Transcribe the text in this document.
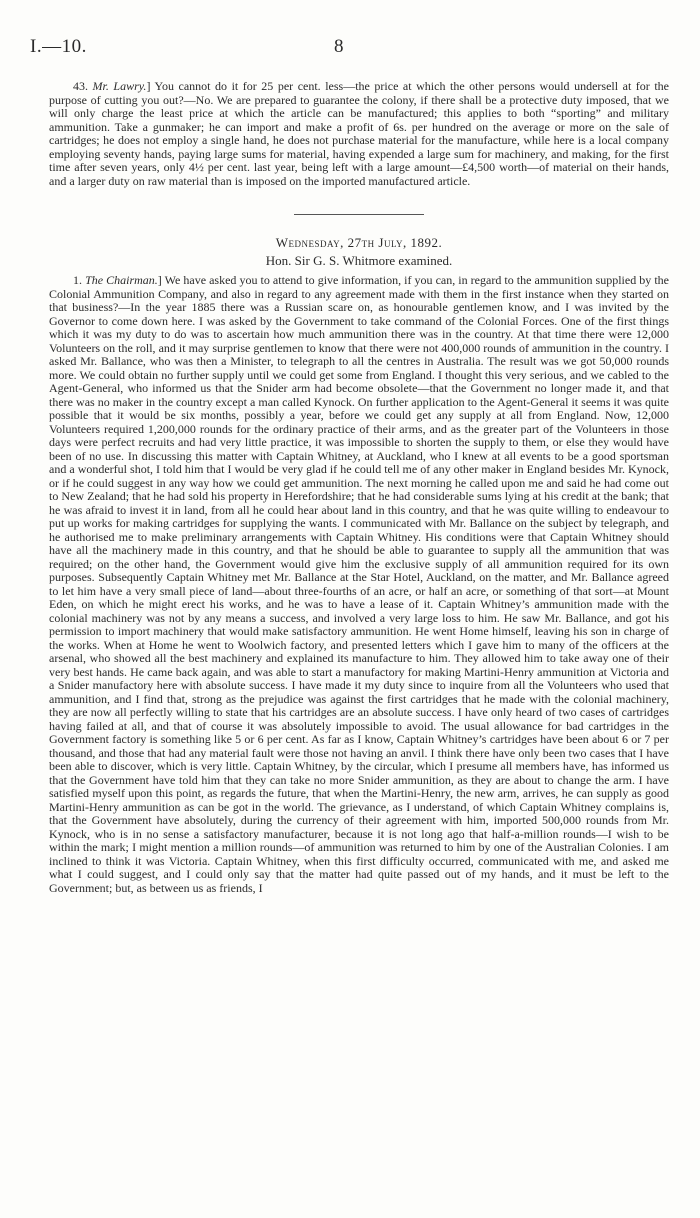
I.—10.	8

43. Mr. Lawry.] You cannot do it for 25 per cent. less—the price at which the other persons would undersell at for the purpose of cutting you out?—No. We are prepared to guarantee the colony, if there shall be a protective duty imposed, that we will only charge the least price at which the article can be manufactured; this applies to both “sporting” and military ammunition. Take a gunmaker; he can import and make a profit of 6s. per hundred on the average or more on the sale of cartridges; he does not employ a single hand, he does not purchase material for the manufacture, while here is a local company employing seventy hands, paying large sums for material, having expended a large sum for machinery, and making, for the first time after seven years, only 4½ per cent. last year, being left with a large amount—£4,500 worth—of material on their hands, and a larger duty on raw material than is imposed on the imported manufactured article.

Wednesday, 27th July, 1892.

Hon. Sir G. S. Whitmore examined.

1. The Chairman.] We have asked you to attend to give information, if you can, in regard to the ammunition supplied by the Colonial Ammunition Company, and also in regard to any agreement made with them in the first instance when they started on that business?—In the year 1885 there was a Russian scare on, as honourable gentlemen know, and I was invited by the Governor to come down here. I was asked by the Government to take command of the Colonial Forces. One of the first things which it was my duty to do was to ascertain how much ammunition there was in the country. At that time there were 12,000 Volunteers on the roll, and it may surprise gentlemen to know that there were not 400,000 rounds of ammunition in the country. I asked Mr. Ballance, who was then a Minister, to telegraph to all the centres in Australia. The result was we got 50,000 rounds more. We could obtain no further supply until we could get some from England. I thought this very serious, and we cabled to the Agent-General, who informed us that the Snider arm had become obsolete—that the Government no longer made it, and that there was no maker in the country except a man called Kynock. On further application to the Agent-General it seems it was quite possible that it would be six months, possibly a year, before we could get any supply at all from England. Now, 12,000 Volunteers required 1,200,000 rounds for the ordinary practice of their arms, and as the greater part of the Volunteers in those days were perfect recruits and had very little practice, it was impossible to shorten the supply to them, or else they would have been of no use. In discussing this matter with Captain Whitney, at Auckland, who I knew at all events to be a good sportsman and a wonderful shot, I told him that I would be very glad if he could tell me of any other maker in England besides Mr. Kynock, or if he could suggest in any way how we could get ammunition. The next morning he called upon me and said he had come out to New Zealand; that he had sold his property in Herefordshire; that he had considerable sums lying at his credit at the bank; that he was afraid to invest it in land, from all he could hear about land in this country, and that he was quite willing to endeavour to put up works for making cartridges for supplying the wants. I communicated with Mr. Ballance on the subject by telegraph, and he authorised me to make preliminary arrangements with Captain Whitney. His conditions were that Captain Whitney should have all the machinery made in this country, and that he should be able to guarantee to supply all the ammunition that was required; on the other hand, the Government would give him the exclusive supply of all ammunition required for its own purposes. Subsequently Captain Whitney met Mr. Ballance at the Star Hotel, Auckland, on the matter, and Mr. Ballance agreed to let him have a very small piece of land—about three-fourths of an acre, or half an acre, or something of that sort—at Mount Eden, on which he might erect his works, and he was to have a lease of it. Captain Whitney’s ammunition made with the colonial machinery was not by any means a success, and involved a very large loss to him. He saw Mr. Ballance, and got his permission to import machinery that would make satisfactory ammunition. He went Home himself, leaving his son in charge of the works. When at Home he went to Woolwich factory, and presented letters which I gave him to many of the officers at the arsenal, who showed all the best machinery and explained its manufacture to him. They allowed him to take away one of their very best hands. He came back again, and was able to start a manufactory for making Martini-Henry ammunition at Victoria and a Snider manufactory here with absolute success. I have made it my duty since to inquire from all the Volunteers who used that ammunition, and I find that, strong as the prejudice was against the first cartridges that he made with the colonial machinery, they are now all perfectly willing to state that his cartridges are an absolute success. I have only heard of two cases of cartridges having failed at all, and that of course it was absolutely impossible to avoid. The usual allowance for bad cartridges in the Government factory is something like 5 or 6 per cent. As far as I know, Captain Whitney’s cartridges have been about 6 or 7 per thousand, and those that had any material fault were those not having an anvil. I think there have only been two cases that I have been able to discover, which is very little. Captain Whitney, by the circular, which I presume all members have, has informed us that the Government have told him that they can take no more Snider ammunition, as they are about to change the arm. I have satisfied myself upon this point, as regards the future, that when the Martini-Henry, the new arm, arrives, he can supply as good Martini-Henry ammunition as can be got in the world. The grievance, as I understand, of which Captain Whitney complains is, that the Government have absolutely, during the currency of their agreement with him, imported 500,000 rounds from Mr. Kynock, who is in no sense a satisfactory manufacturer, because it is not long ago that half-a-million rounds—I wish to be within the mark; I might mention a million rounds—of ammunition was returned to him by one of the Australian Colonies. I am inclined to think it was Victoria. Captain Whitney, when this first difficulty occurred, communicated with me, and asked me what I could suggest, and I could only say that the matter had quite passed out of my hands, and it must be left to the Government; but, as between us as friends, I
